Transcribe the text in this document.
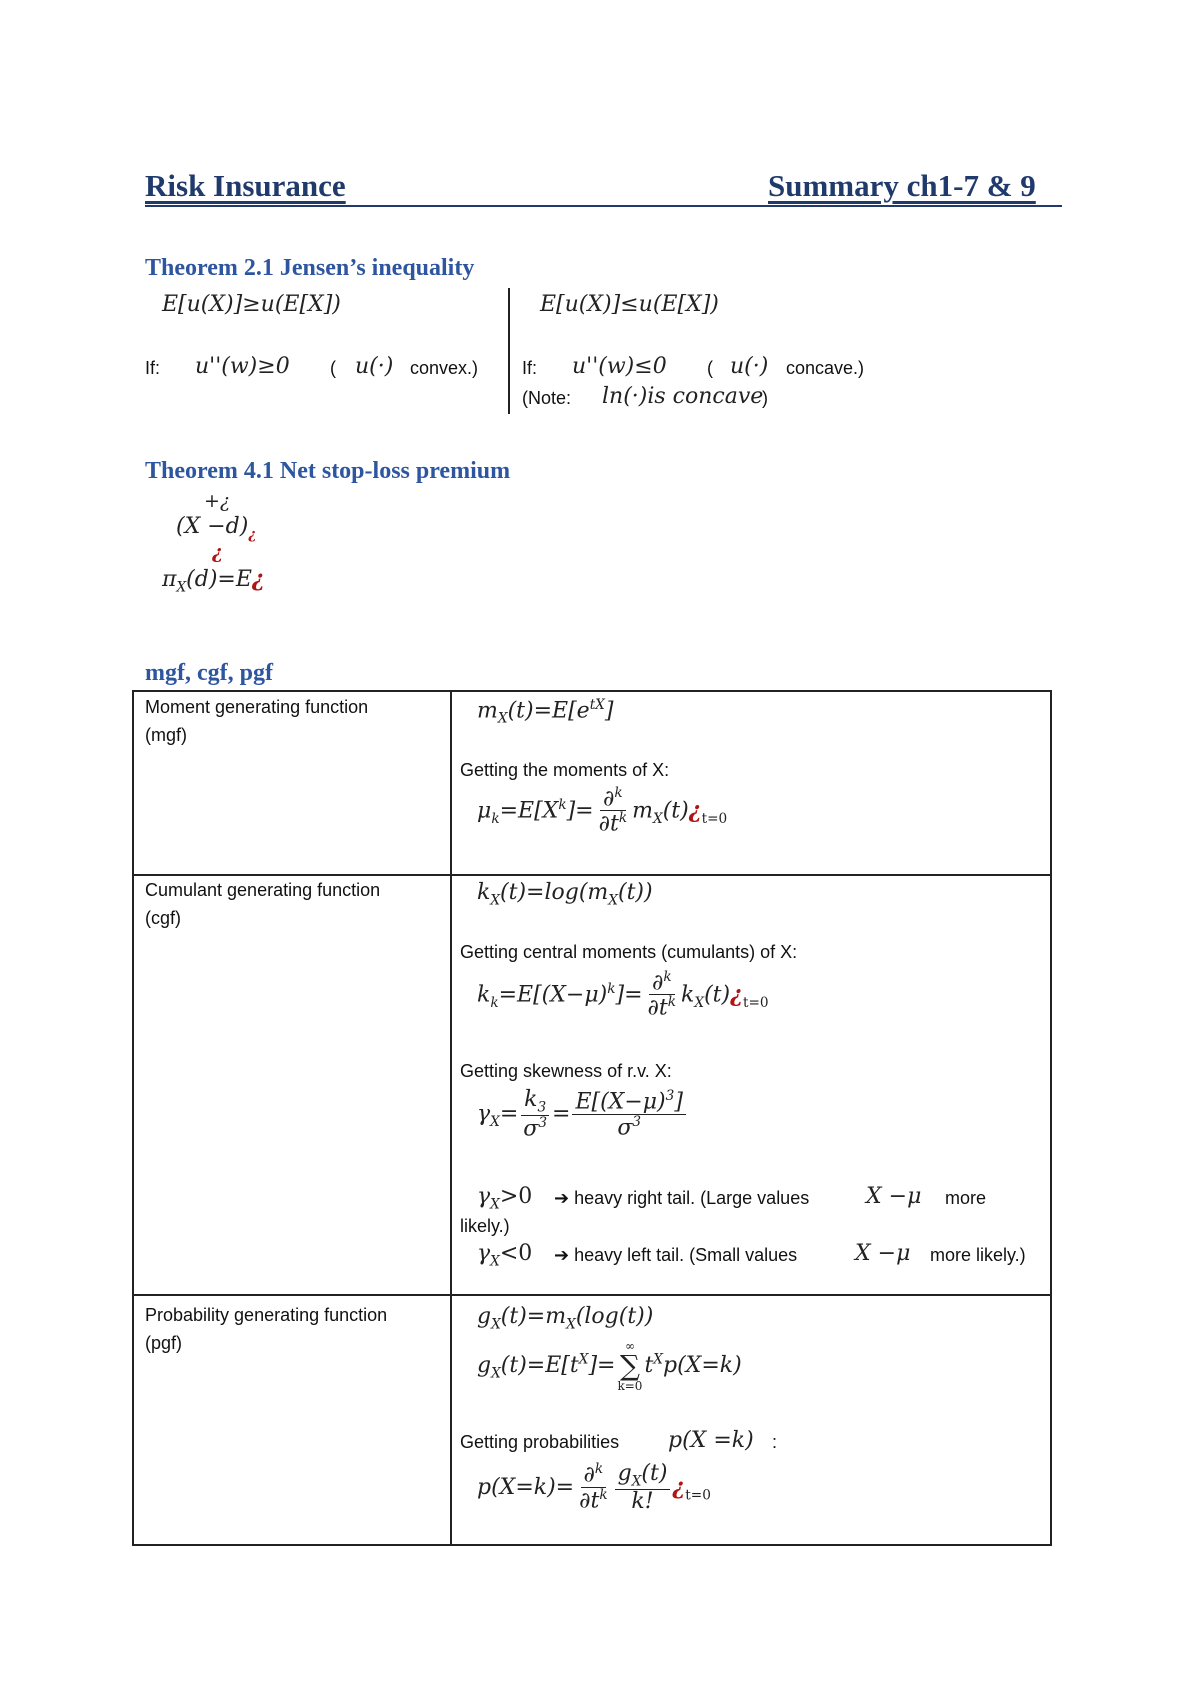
Risk Insurance	Summary ch1-7 & 9
Theorem 2.1 Jensen’s inequality
E[u(X)]≥u(E[X])
If: u''(w)≥0 ( u(·) convex.)
E[u(X)]≤u(E[X])
If: u''(w)≤0 ( u(·) concave.)
(Note: ln(·)is concave
)
Theorem 4.1 Net stop-loss premium
+¿
$(X -d)_¿$
¿
$\pi_X(d)=E¿$
mgf, cgf, pgf
Moment generating function
(mgf)
$m_X(t)=E[e^{tX}]$
Getting the moments of X:
$\mu_k=E[X^k]= \frac{\partial^k}{\partial t^k}$ $m_X(t)¿_{t=0}$
Cumulant generating function
(cgf)
$k_X(t)=\log(m_X(t))$
Getting central moments (cumulants) of X:
$k_k=E[(X-\mu)^k]= \frac{\partial^k}{\partial t^k}$ $k_X(t)¿_{t=0}$
Getting skewness of r.v. X:
$\gamma_X= \frac{k_3}{\sigma^3} = \frac{E[(X-\mu)^3]}{\sigma^3}$
$\gamma_X>0$ ➔ heavy right tail. (Large values	X −μ more
likely.)
$\gamma_X<0$ ➔ heavy left tail. (Small values	X −μ more likely.)
Probability generating function
(pgf)
$g_X(t)=m_X(\log(t))$
$g_X(t)=E[t^X]=$
∞
∑
k=0
$t^Xp(X=k)$
Getting probabilities p(X =k) :
$p(X=k)= \frac{\partial^k}{\partial t^k} \frac{g_X(t)}{k!}$ ¿$_{t=0}$
